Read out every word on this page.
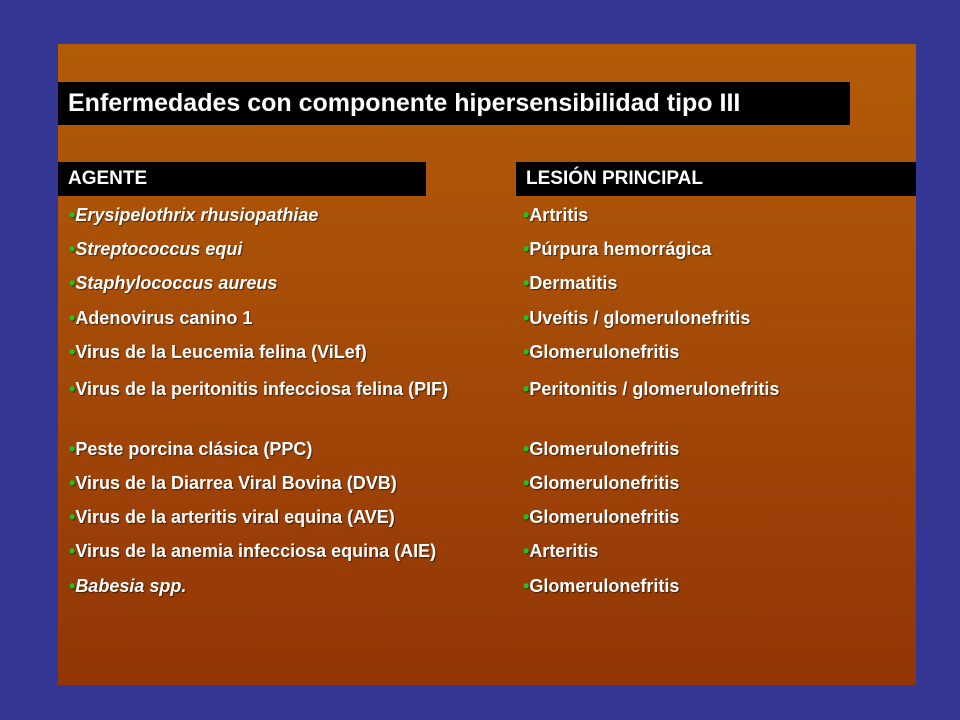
Enfermedades con componente hipersensibilidad tipo III
AGENTE	LESIÓN PRINCIPAL
•Erysipelothrix rhusiopathiae	•Artritis
•Streptococcus equi	•Púrpura hemorrágica
•Staphylococcus aureus	•Dermatitis
•Adenovirus canino 1	•Uveítis / glomerulonefritis
•Virus de la Leucemia felina (ViLef)	•Glomerulonefritis
•Virus de la peritonitis infecciosa felina (PIF)	•Peritonitis / glomerulonefritis
•Peste porcina clásica (PPC)	•Glomerulonefritis
•Virus de la Diarrea Viral Bovina (DVB)	•Glomerulonefritis
•Virus de la arteritis viral equina (AVE)	•Glomerulonefritis
•Virus de la anemia infecciosa equina (AIE)	•Arteritis
•Babesia spp.	•Glomerulonefritis
